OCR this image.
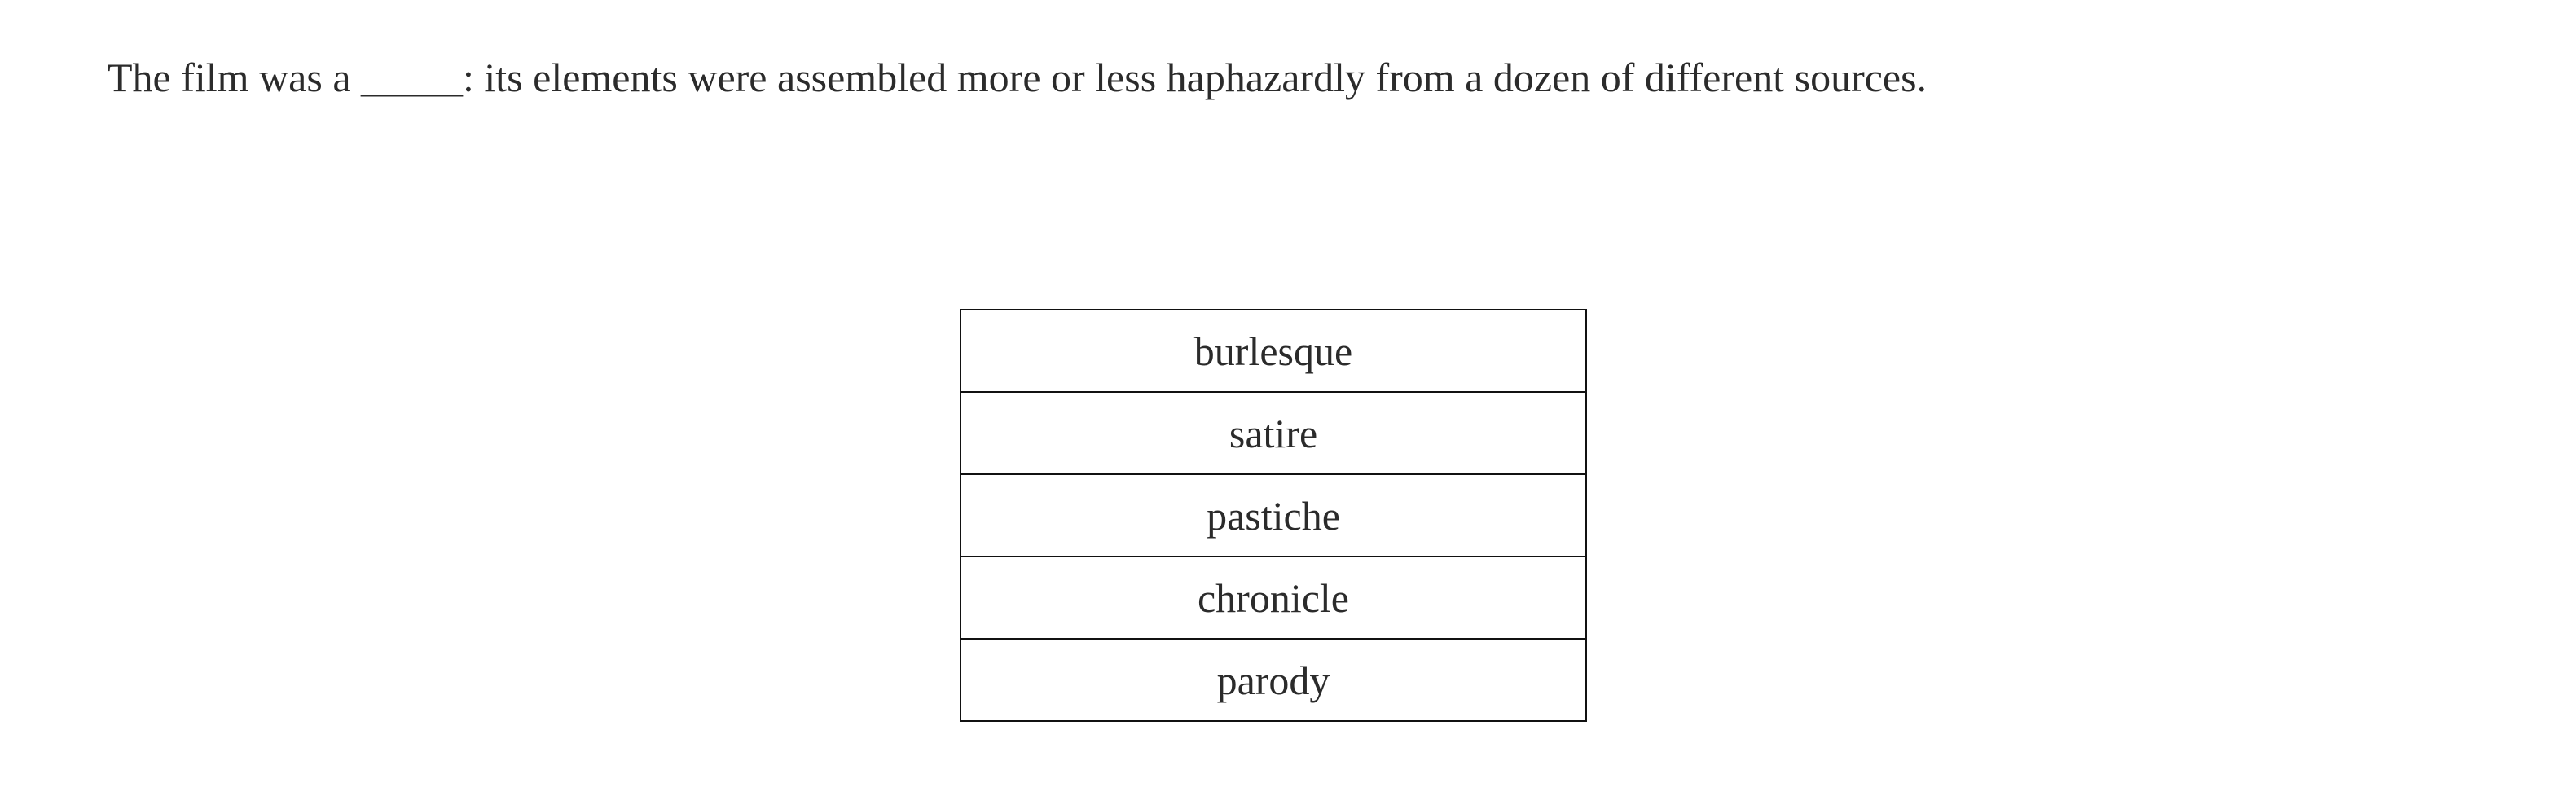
The film was a _____: its elements were assembled more or less haphazardly from a dozen of different sources.
burlesque
satire
pastiche
chronicle
parody
